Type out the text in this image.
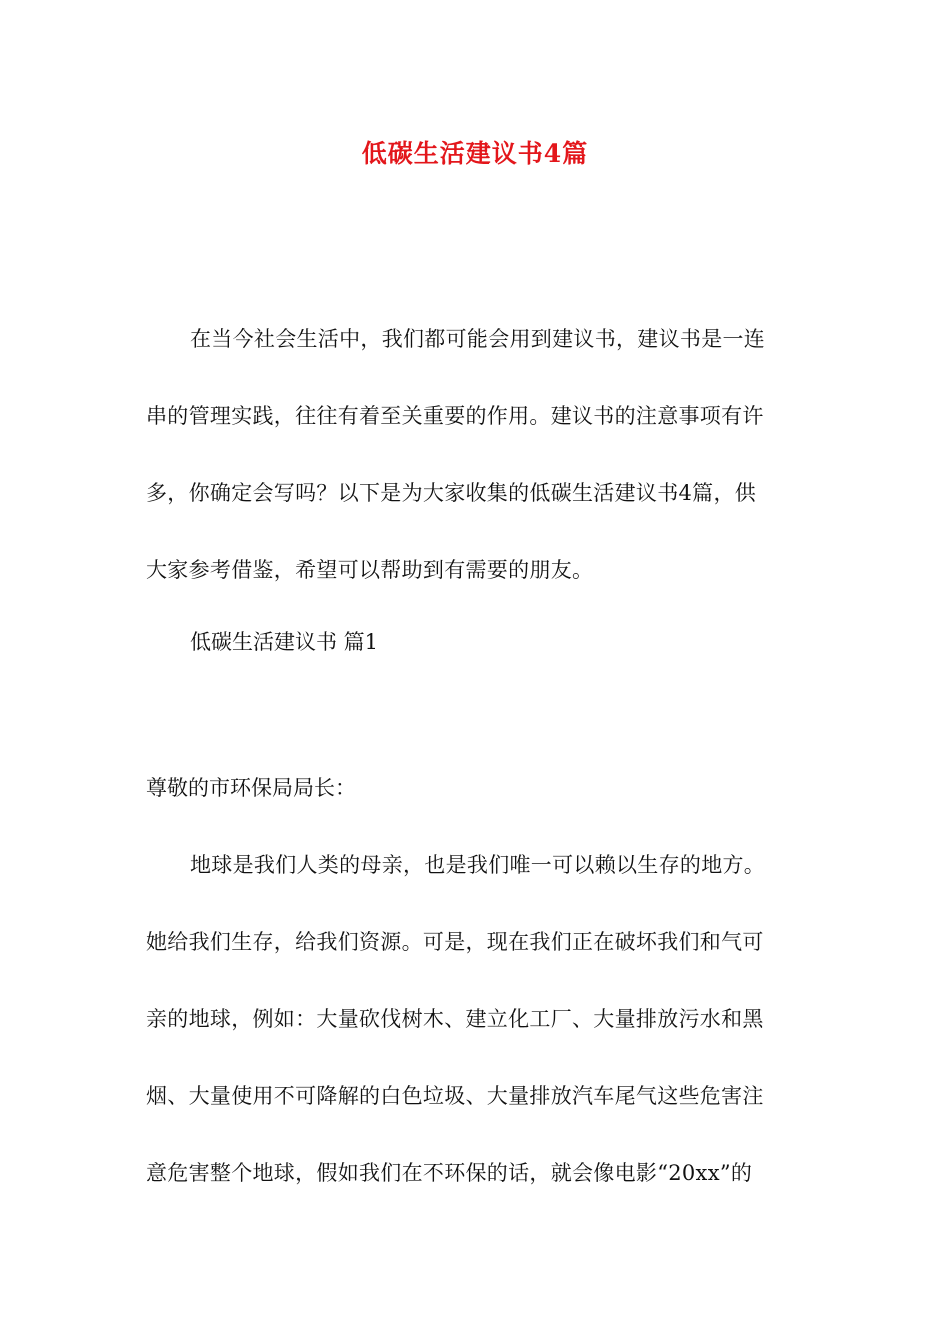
低碳生活建议书4篇
在当今社会生活中，我们都可能会用到建议书，建议书是一连
串的管理实践，往往有着至关重要的作用。建议书的注意事项有许
多，你确定会写吗？以下是为大家收集的低碳生活建议书4篇，供
大家参考借鉴，希望可以帮助到有需要的朋友。

低碳生活建议书 篇1

尊敬的市环保局局长：

地球是我们人类的母亲，也是我们唯一可以赖以生存的地方。
她给我们生存，给我们资源。可是，现在我们正在破坏我们和气可
亲的地球，例如：大量砍伐树木、建立化工厂、大量排放污水和黑
烟、大量使用不可降解的白色垃圾、大量排放汽车尾气这些危害注
意危害整个地球，假如我们在不环保的话，就会像电影“20xx”的
